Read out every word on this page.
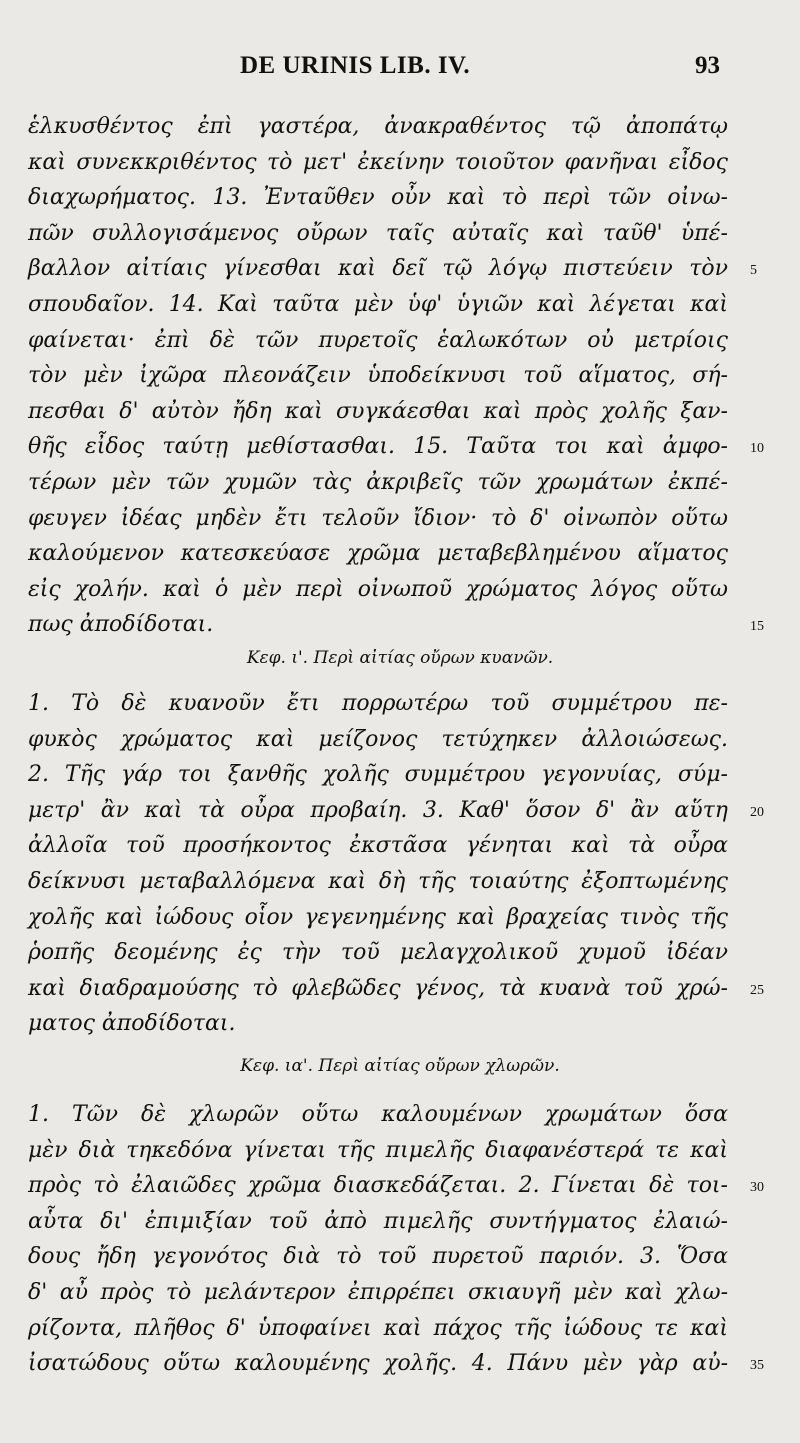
DE URINIS LIB. IV.	93
ἑλκυσθέντος ἐπὶ γαστέρα, ἀνακραθέντος τῷ ἀποπάτῳ
καὶ συνεκκριθέντος τὸ μετ' ἐκείνην τοιοῦτον φανῆναι εἶδος
διαχωρήματος. 13. Ἐνταῦθεν οὖν καὶ τὸ περὶ τῶν οἰνω-
πῶν συλλογισάμενος οὔρων ταῖς αὐταῖς καὶ ταῦθ' ὑπέ-
βαλλον αἰτίαις γίνεσθαι καὶ δεῖ τῷ λόγῳ πιστεύειν τὸν 5
σπουδαῖον. 14. Καὶ ταῦτα μὲν ὑφ' ὑγιῶν καὶ λέγεται καὶ
φαίνεται· ἐπὶ δὲ τῶν πυρετοῖς ἑαλωκότων οὐ μετρίοις
τὸν μὲν ἰχῶρα πλεονάζειν ὑποδείκνυσι τοῦ αἵματος, σή-
πεσθαι δ' αὐτὸν ἤδη καὶ συγκάεσθαι καὶ πρὸς χολῆς ξαν-
θῆς εἶδος ταύτῃ μεθίστασθαι. 15. Ταῦτα τοι καὶ ἀμφο- 10
τέρων μὲν τῶν χυμῶν τὰς ἀκριβεῖς τῶν χρωμάτων ἐκπέ-
φευγεν ἰδέας μηδὲν ἔτι τελοῦν ἴδιον· τὸ δ' οἰνωπὸν οὕτω
καλούμενον κατεσκεύασε χρῶμα μεταβεβλημένου αἵματος
εἰς χολήν. καὶ ὁ μὲν περὶ οἰνωποῦ χρώματος λόγος οὕτω
πως ἀποδίδοται.	15
Κεφ. ι'. Περὶ αἰτίας οὔρων κυανῶν.
1. Τὸ δὲ κυανοῦν ἔτι πορρωτέρω τοῦ συμμέτρου πε-
φυκὸς χρώματος καὶ μείζονος τετύχηκεν ἀλλοιώσεως.
2. Τῆς γάρ τοι ξανθῆς χολῆς συμμέτρου γεγονυίας, σύμ-
μετρ' ἂν καὶ τὰ οὖρα προβαίη. 3. Καθ' ὅσον δ' ἂν αὕτη 20
ἀλλοῖα τοῦ προσήκοντος ἐκστᾶσα γένηται καὶ τὰ οὖρα
δείκνυσι μεταβαλλόμενα καὶ δὴ τῆς τοιαύτης ἐξοπτωμένης
χολῆς καὶ ἰώδους οἷον γεγενημένης καὶ βραχείας τινὸς τῆς
ῥοπῆς δεομένης ἐς τὴν τοῦ μελαγχολικοῦ χυμοῦ ἰδέαν
καὶ διαδραμούσης τὸ φλεβῶδες γένος, τὰ κυανὰ τοῦ χρώ- 25
ματος ἀποδίδοται.
Κεφ. ια'. Περὶ αἰτίας οὔρων χλωρῶν.
1. Τῶν δὲ χλωρῶν οὕτω καλουμένων χρωμάτων ὅσα
μὲν διὰ τηκεδόνα γίνεται τῆς πιμελῆς διαφανέστερά τε καὶ
πρὸς τὸ ἐλαιῶδες χρῶμα διασκεδάζεται. 2. Γίνεται δὲ τοι- 30
αὗτα δι' ἐπιμιξίαν τοῦ ἀπὸ πιμελῆς συντήγματος ἐλαιώ-
δους ἤδη γεγονότος διὰ τὸ τοῦ πυρετοῦ παριόν. 3. Ὅσα
δ' αὖ πρὸς τὸ μελάντερον ἐπιρρέπει σκιαυγῆ μὲν καὶ χλω-
ρίζοντα, πλῆθος δ' ὑποφαίνει καὶ πάχος τῆς ἰώδους τε καὶ
ἰσατώδους οὕτω καλουμένης χολῆς. 4. Πάνυ μὲν γὰρ αὐ- 35
